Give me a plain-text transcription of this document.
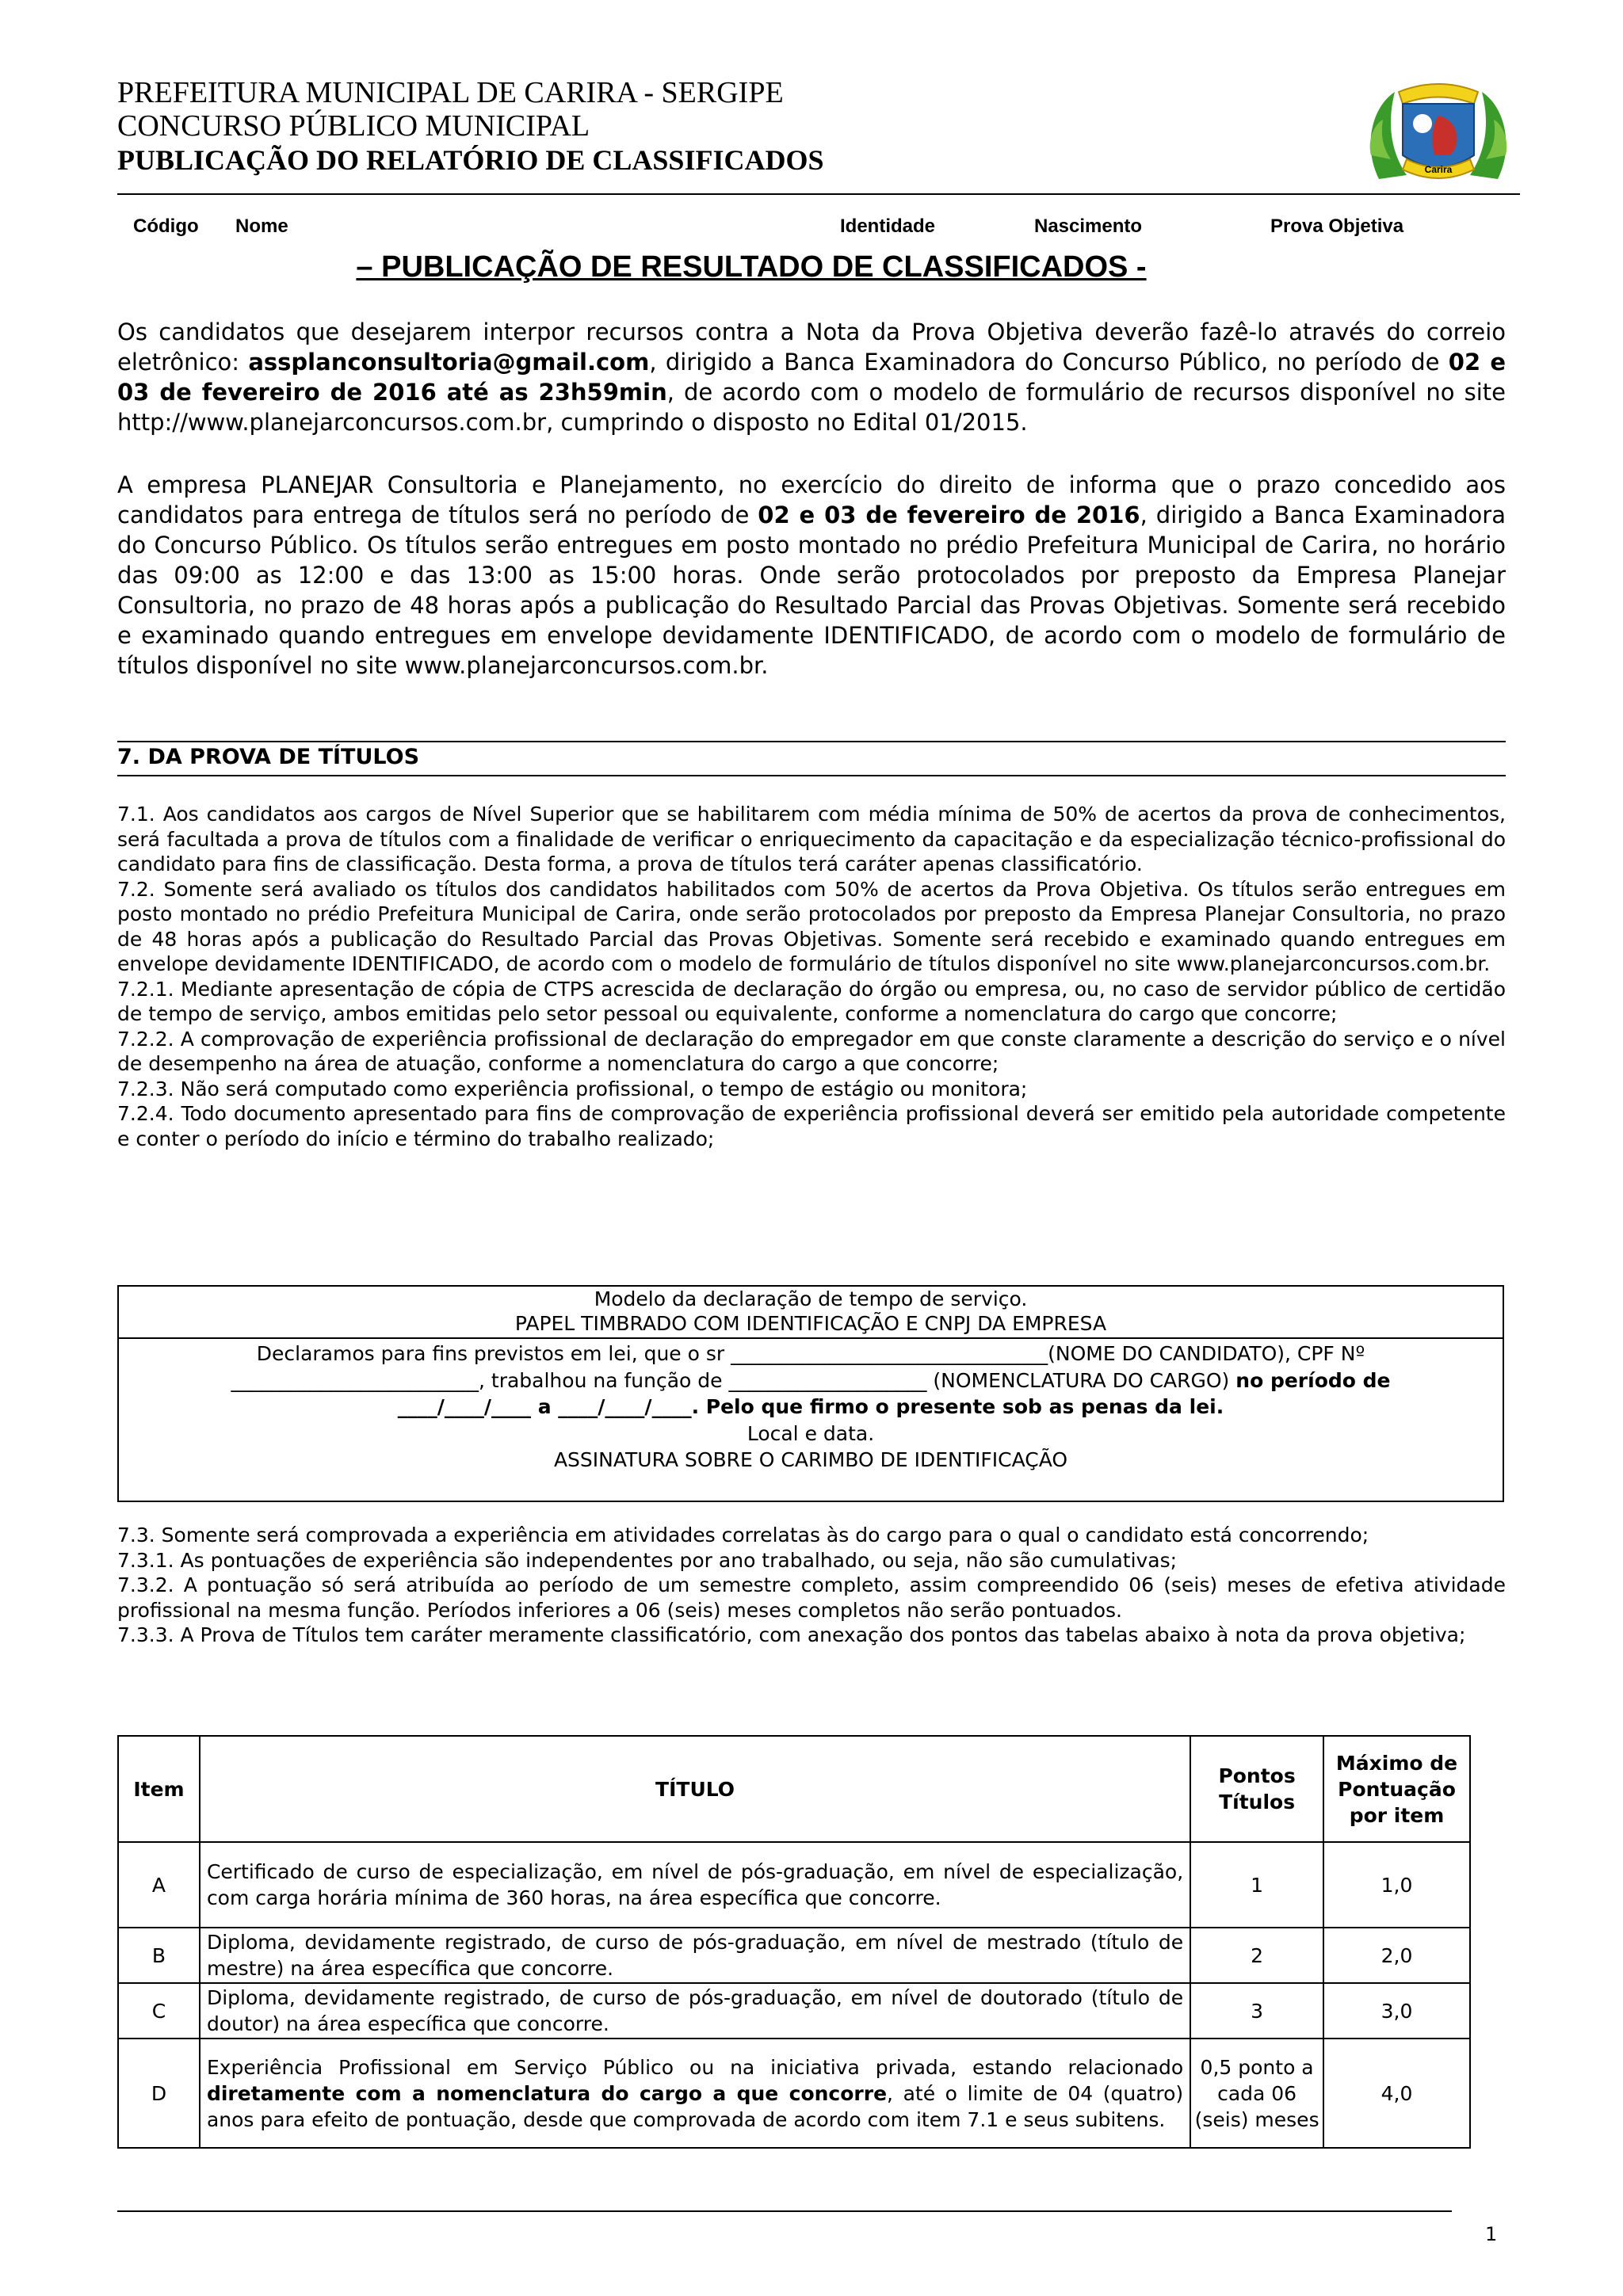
PREFEITURA MUNICIPAL DE CARIRA - SERGIPE
CONCURSO PÚBLICO MUNICIPAL
PUBLICAÇÃO DO RELATÓRIO DE CLASSIFICADOS	Carira
Código Nome	Identidade	Nascimento	Prova Objetiva
– PUBLICAÇÃO DE RESULTADO DE CLASSIFICADOS -
Os candidatos que desejarem interpor recursos contra a Nota da Prova Objetiva deverão fazê-lo através do correio eletrônico: assplanconsultoria@gmail.com, dirigido a Banca Examinadora do Concurso Público, no período de 02 e 03 de fevereiro de 2016 até as 23h59min, de acordo com o modelo de formulário de recursos disponível no site http://www.planejarconcursos.com.br, cumprindo o disposto no Edital 01/2015.
A empresa PLANEJAR Consultoria e Planejamento, no exercício do direito de informa que o prazo concedido aos candidatos para entrega de títulos será no período de 02 e 03 de fevereiro de 2016, dirigido a Banca Examinadora do Concurso Público. Os títulos serão entregues em posto montado no prédio Prefeitura Municipal de Carira, no horário das 09:00 as 12:00 e das 13:00 as 15:00 horas. Onde serão protocolados por preposto da Empresa Planejar Consultoria, no prazo de 48 horas após a publicação do Resultado Parcial das Provas Objetivas. Somente será recebido e examinado quando entregues em envelope devidamente IDENTIFICADO, de acordo com o modelo de formulário de títulos disponível no site www.planejarconcursos.com.br.
7. DA PROVA DE TÍTULOS
7.1. Aos candidatos aos cargos de Nível Superior que se habilitarem com média mínima de 50% de acertos da prova de conhecimentos, será facultada a prova de títulos com a finalidade de verificar o enriquecimento da capacitação e da especialização técnico-profissional do candidato para fins de classificação. Desta forma, a prova de títulos terá caráter apenas classificatório.
7.2. Somente será avaliado os títulos dos candidatos habilitados com 50% de acertos da Prova Objetiva. Os títulos serão entregues em posto montado no prédio Prefeitura Municipal de Carira, onde serão protocolados por preposto da Empresa Planejar Consultoria, no prazo de 48 horas após a publicação do Resultado Parcial das Provas Objetivas. Somente será recebido e examinado quando entregues em envelope devidamente IDENTIFICADO, de acordo com o modelo de formulário de títulos disponível no site www.planejarconcursos.com.br.
7.2.1. Mediante apresentação de cópia de CTPS acrescida de declaração do órgão ou empresa, ou, no caso de servidor público de certidão de tempo de serviço, ambos emitidas pelo setor pessoal ou equivalente, conforme a nomenclatura do cargo que concorre;
7.2.2. A comprovação de experiência profissional de declaração do empregador em que conste claramente a descrição do serviço e o nível de desempenho na área de atuação, conforme a nomenclatura do cargo a que concorre;
7.2.3. Não será computado como experiência profissional, o tempo de estágio ou monitora;
7.2.4. Todo documento apresentado para fins de comprovação de experiência profissional deverá ser emitido pela autoridade competente e conter o período do início e término do trabalho realizado;
Modelo da declaração de tempo de serviço.
PAPEL TIMBRADO COM IDENTIFICAÇÃO E CNPJ DA EMPRESA
Declaramos para fins previstos em lei, que o sr ________________________________(NOME DO CANDIDATO), CPF Nº _________________________, trabalhou na função de ____________________ (NOMENCLATURA DO CARGO) no período de ____/____/____ a ____/____/____. Pelo que firmo o presente sob as penas da lei.
Local e data.
ASSINATURA SOBRE O CARIMBO DE IDENTIFICAÇÃO
7.3. Somente será comprovada a experiência em atividades correlatas às do cargo para o qual o candidato está concorrendo;
7.3.1. As pontuações de experiência são independentes por ano trabalhado, ou seja, não são cumulativas;
7.3.2. A pontuação só será atribuída ao período de um semestre completo, assim compreendido 06 (seis) meses de efetiva atividade profissional na mesma função. Períodos inferiores a 06 (seis) meses completos não serão pontuados.
7.3.3. A Prova de Títulos tem caráter meramente classificatório, com anexação dos pontos das tabelas abaixo à nota da prova objetiva;
Item	TÍTULO	Pontos Títulos	Máximo de Pontuação por item
A	Certificado de curso de especialização, em nível de pós-graduação, em nível de especialização, com carga horária mínima de 360 horas, na área específica que concorre.	1	1,0
B	Diploma, devidamente registrado, de curso de pós-graduação, em nível de mestrado (título de mestre) na área específica que concorre.	2	2,0
C	Diploma, devidamente registrado, de curso de pós-graduação, em nível de doutorado (título de doutor) na área específica que concorre.	3	3,0
D	Experiência Profissional em Serviço Público ou na iniciativa privada, estando relacionado diretamente com a nomenclatura do cargo a que concorre, até o limite de 04 (quatro) anos para efeito de pontuação, desde que comprovada de acordo com item 7.1 e seus subitens.	0,5 ponto a cada 06 (seis) meses	4,0
1
